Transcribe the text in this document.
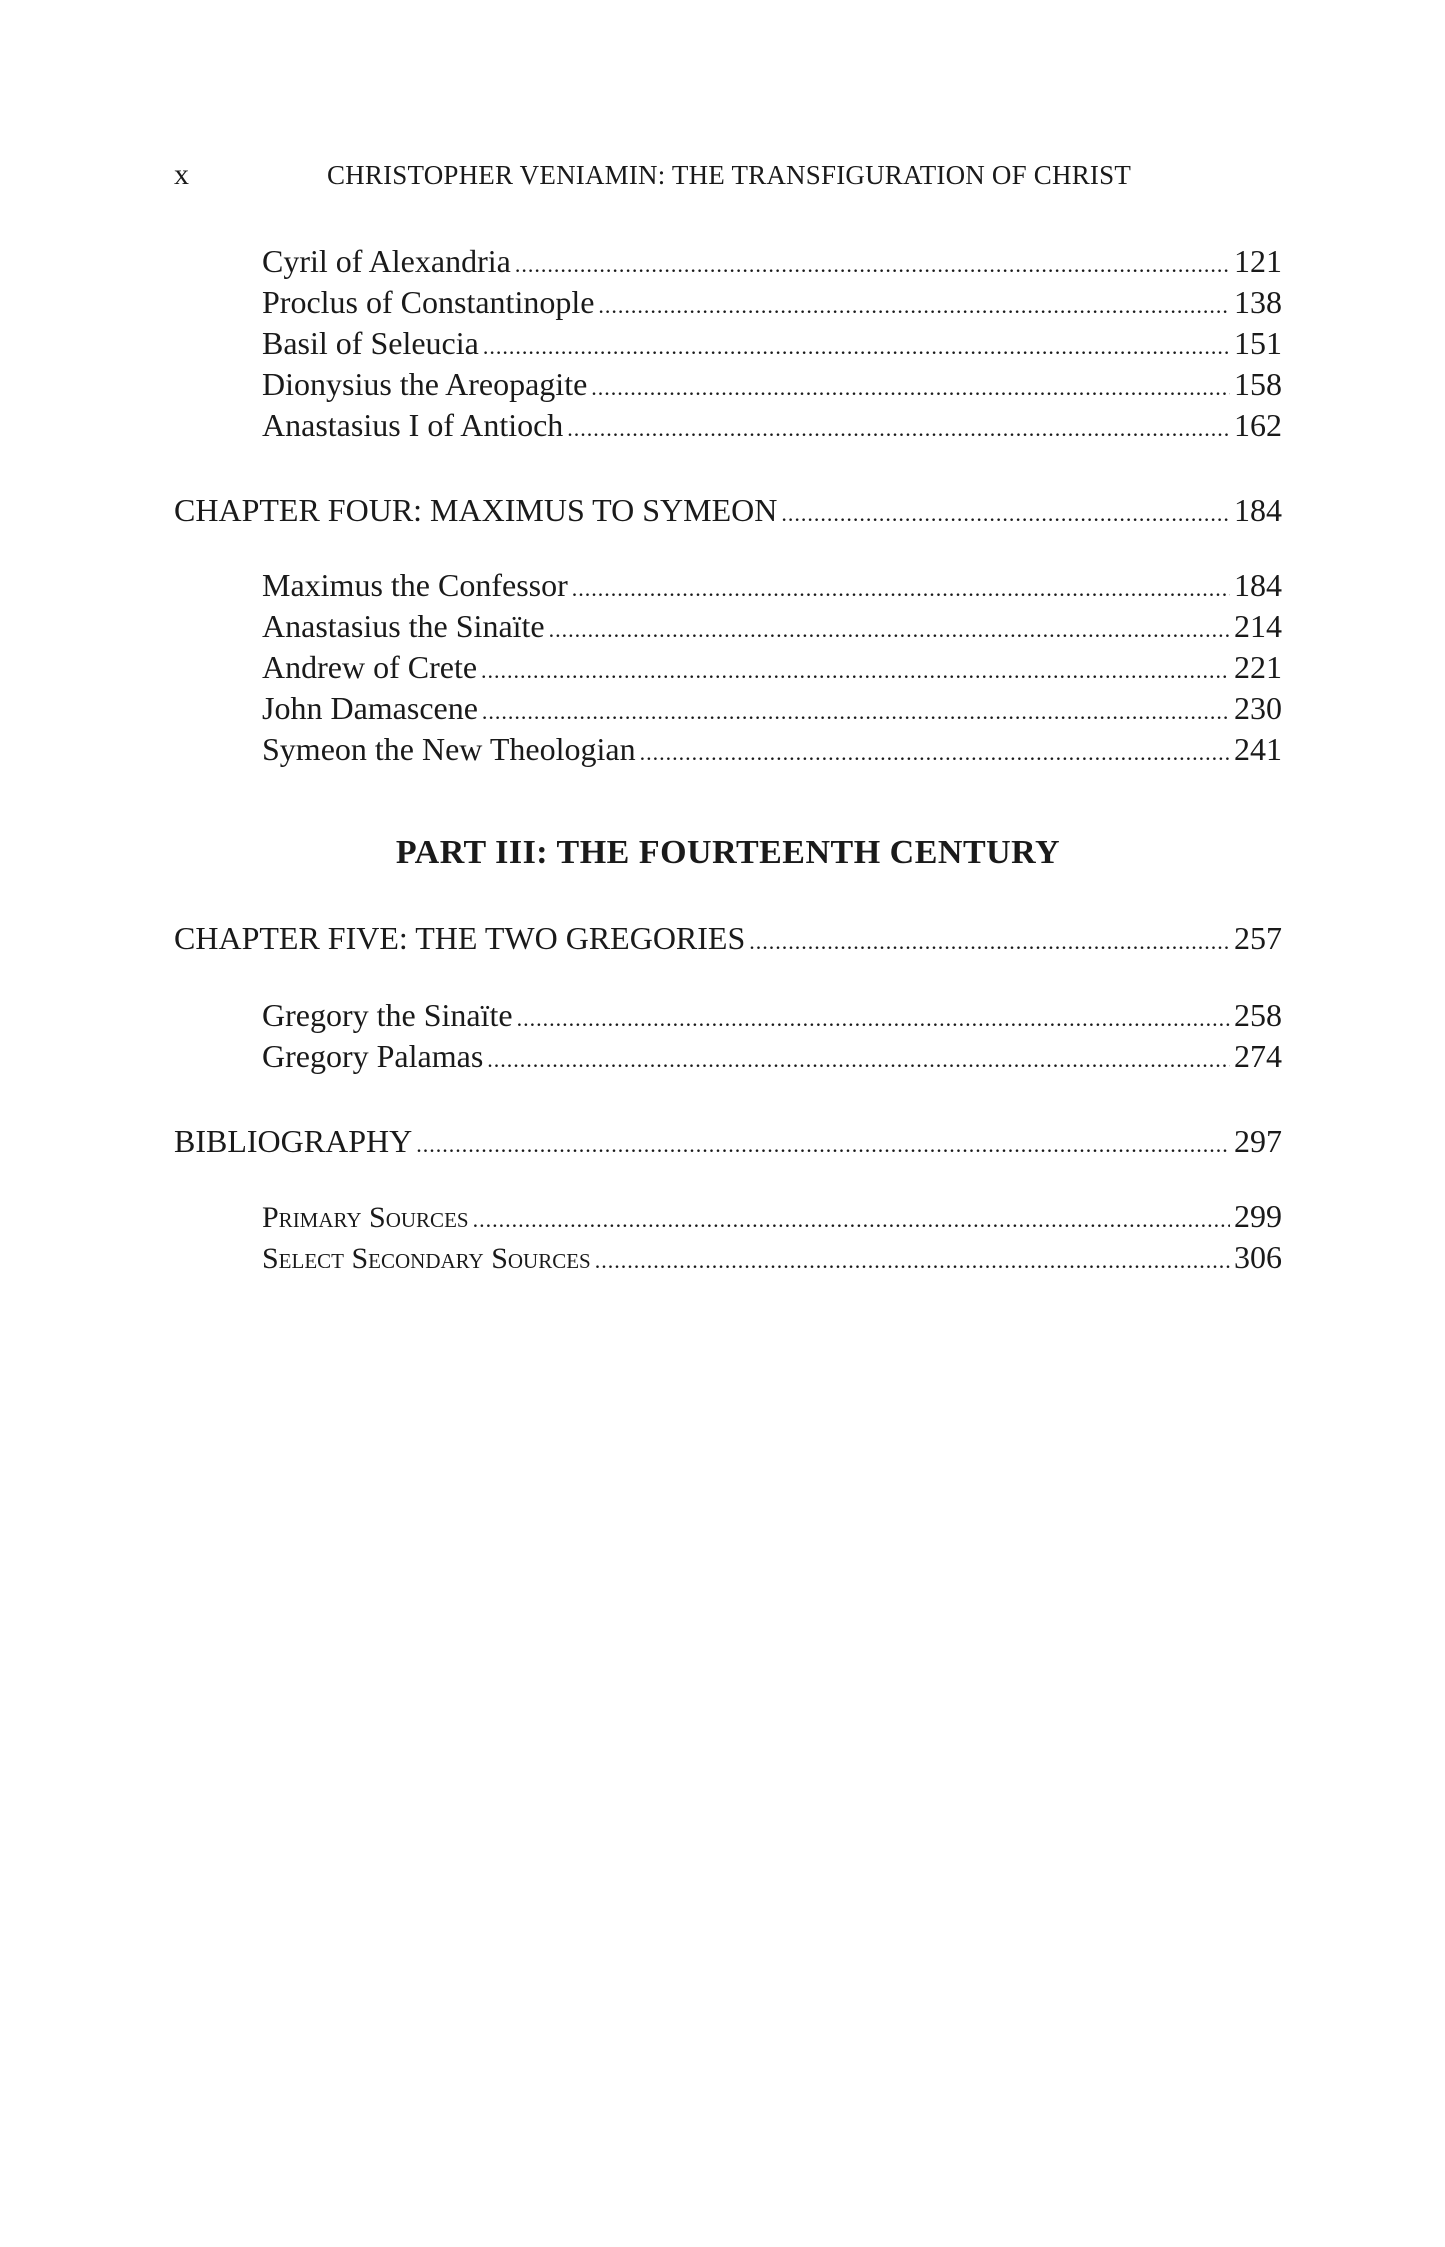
x	CHRISTOPHER VENIAMIN: THE TRANSFIGURATION OF CHRIST
Cyril of Alexandria .....	121
Proclus of Constantinople .....	138
Basil of Seleucia .....	151
Dionysius the Areopagite .....	158
Anastasius I of Antioch .....	162
CHAPTER FOUR: MAXIMUS TO SYMEON .....	184
Maximus the Confessor .....	184
Anastasius the Sinaïte .....	214
Andrew of Crete .....	221
John Damascene .....	230
Symeon the New Theologian .....	241
PART III: THE FOURTEENTH CENTURY
CHAPTER FIVE: THE TWO GREGORIES .....	257
Gregory the Sinaïte .....	258
Gregory Palamas .....	274
BIBLIOGRAPHY .....	297
Primary Sources .....	299
Select Secondary Sources .....	306
